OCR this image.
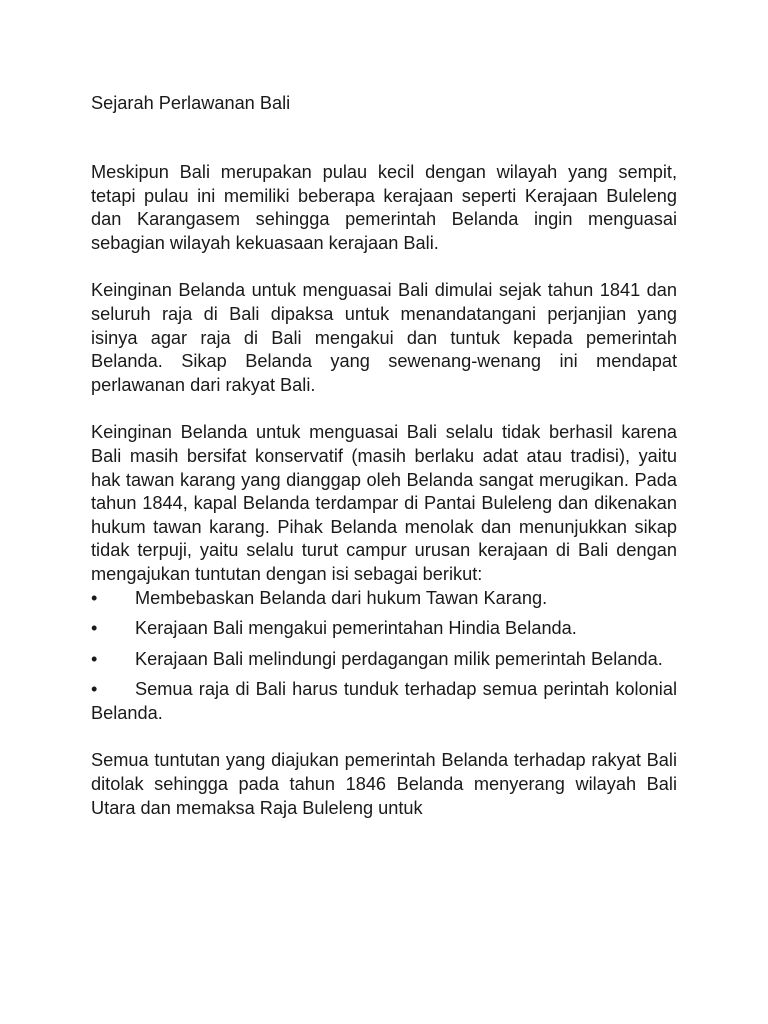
Sejarah Perlawanan Bali

Meskipun Bali merupakan pulau kecil dengan wilayah yang sempit, tetapi pulau ini memiliki beberapa kerajaan seperti Kerajaan Buleleng dan Karangasem sehingga pemerintah Belanda ingin menguasai sebagian wilayah kekuasaan kerajaan Bali.

Keinginan Belanda untuk menguasai Bali dimulai sejak tahun 1841 dan seluruh raja di Bali dipaksa untuk menandatangani perjanjian yang isinya agar raja di Bali mengakui dan tuntuk kepada pemerintah Belanda. Sikap Belanda yang sewenang-wenang ini mendapat perlawanan dari rakyat Bali.

Keinginan Belanda untuk menguasai Bali selalu tidak berhasil karena Bali masih bersifat konservatif (masih berlaku adat atau tradisi), yaitu hak tawan karang yang dianggap oleh Belanda sangat merugikan. Pada tahun 1844, kapal Belanda terdampar di Pantai Buleleng dan dikenakan hukum tawan karang. Pihak Belanda menolak dan menunjukkan sikap tidak terpuji, yaitu selalu turut campur urusan kerajaan di Bali dengan mengajukan tuntutan dengan isi sebagai berikut:

• Membebaskan Belanda dari hukum Tawan Karang.
• Kerajaan Bali mengakui pemerintahan Hindia Belanda.
• Kerajaan Bali melindungi perdagangan milik pemerintah Belanda.
• Semua raja di Bali harus tunduk terhadap semua perintah kolonial Belanda.

Semua tuntutan yang diajukan pemerintah Belanda terhadap rakyat Bali ditolak sehingga pada tahun 1846 Belanda menyerang wilayah Bali Utara dan memaksa Raja Buleleng untuk
